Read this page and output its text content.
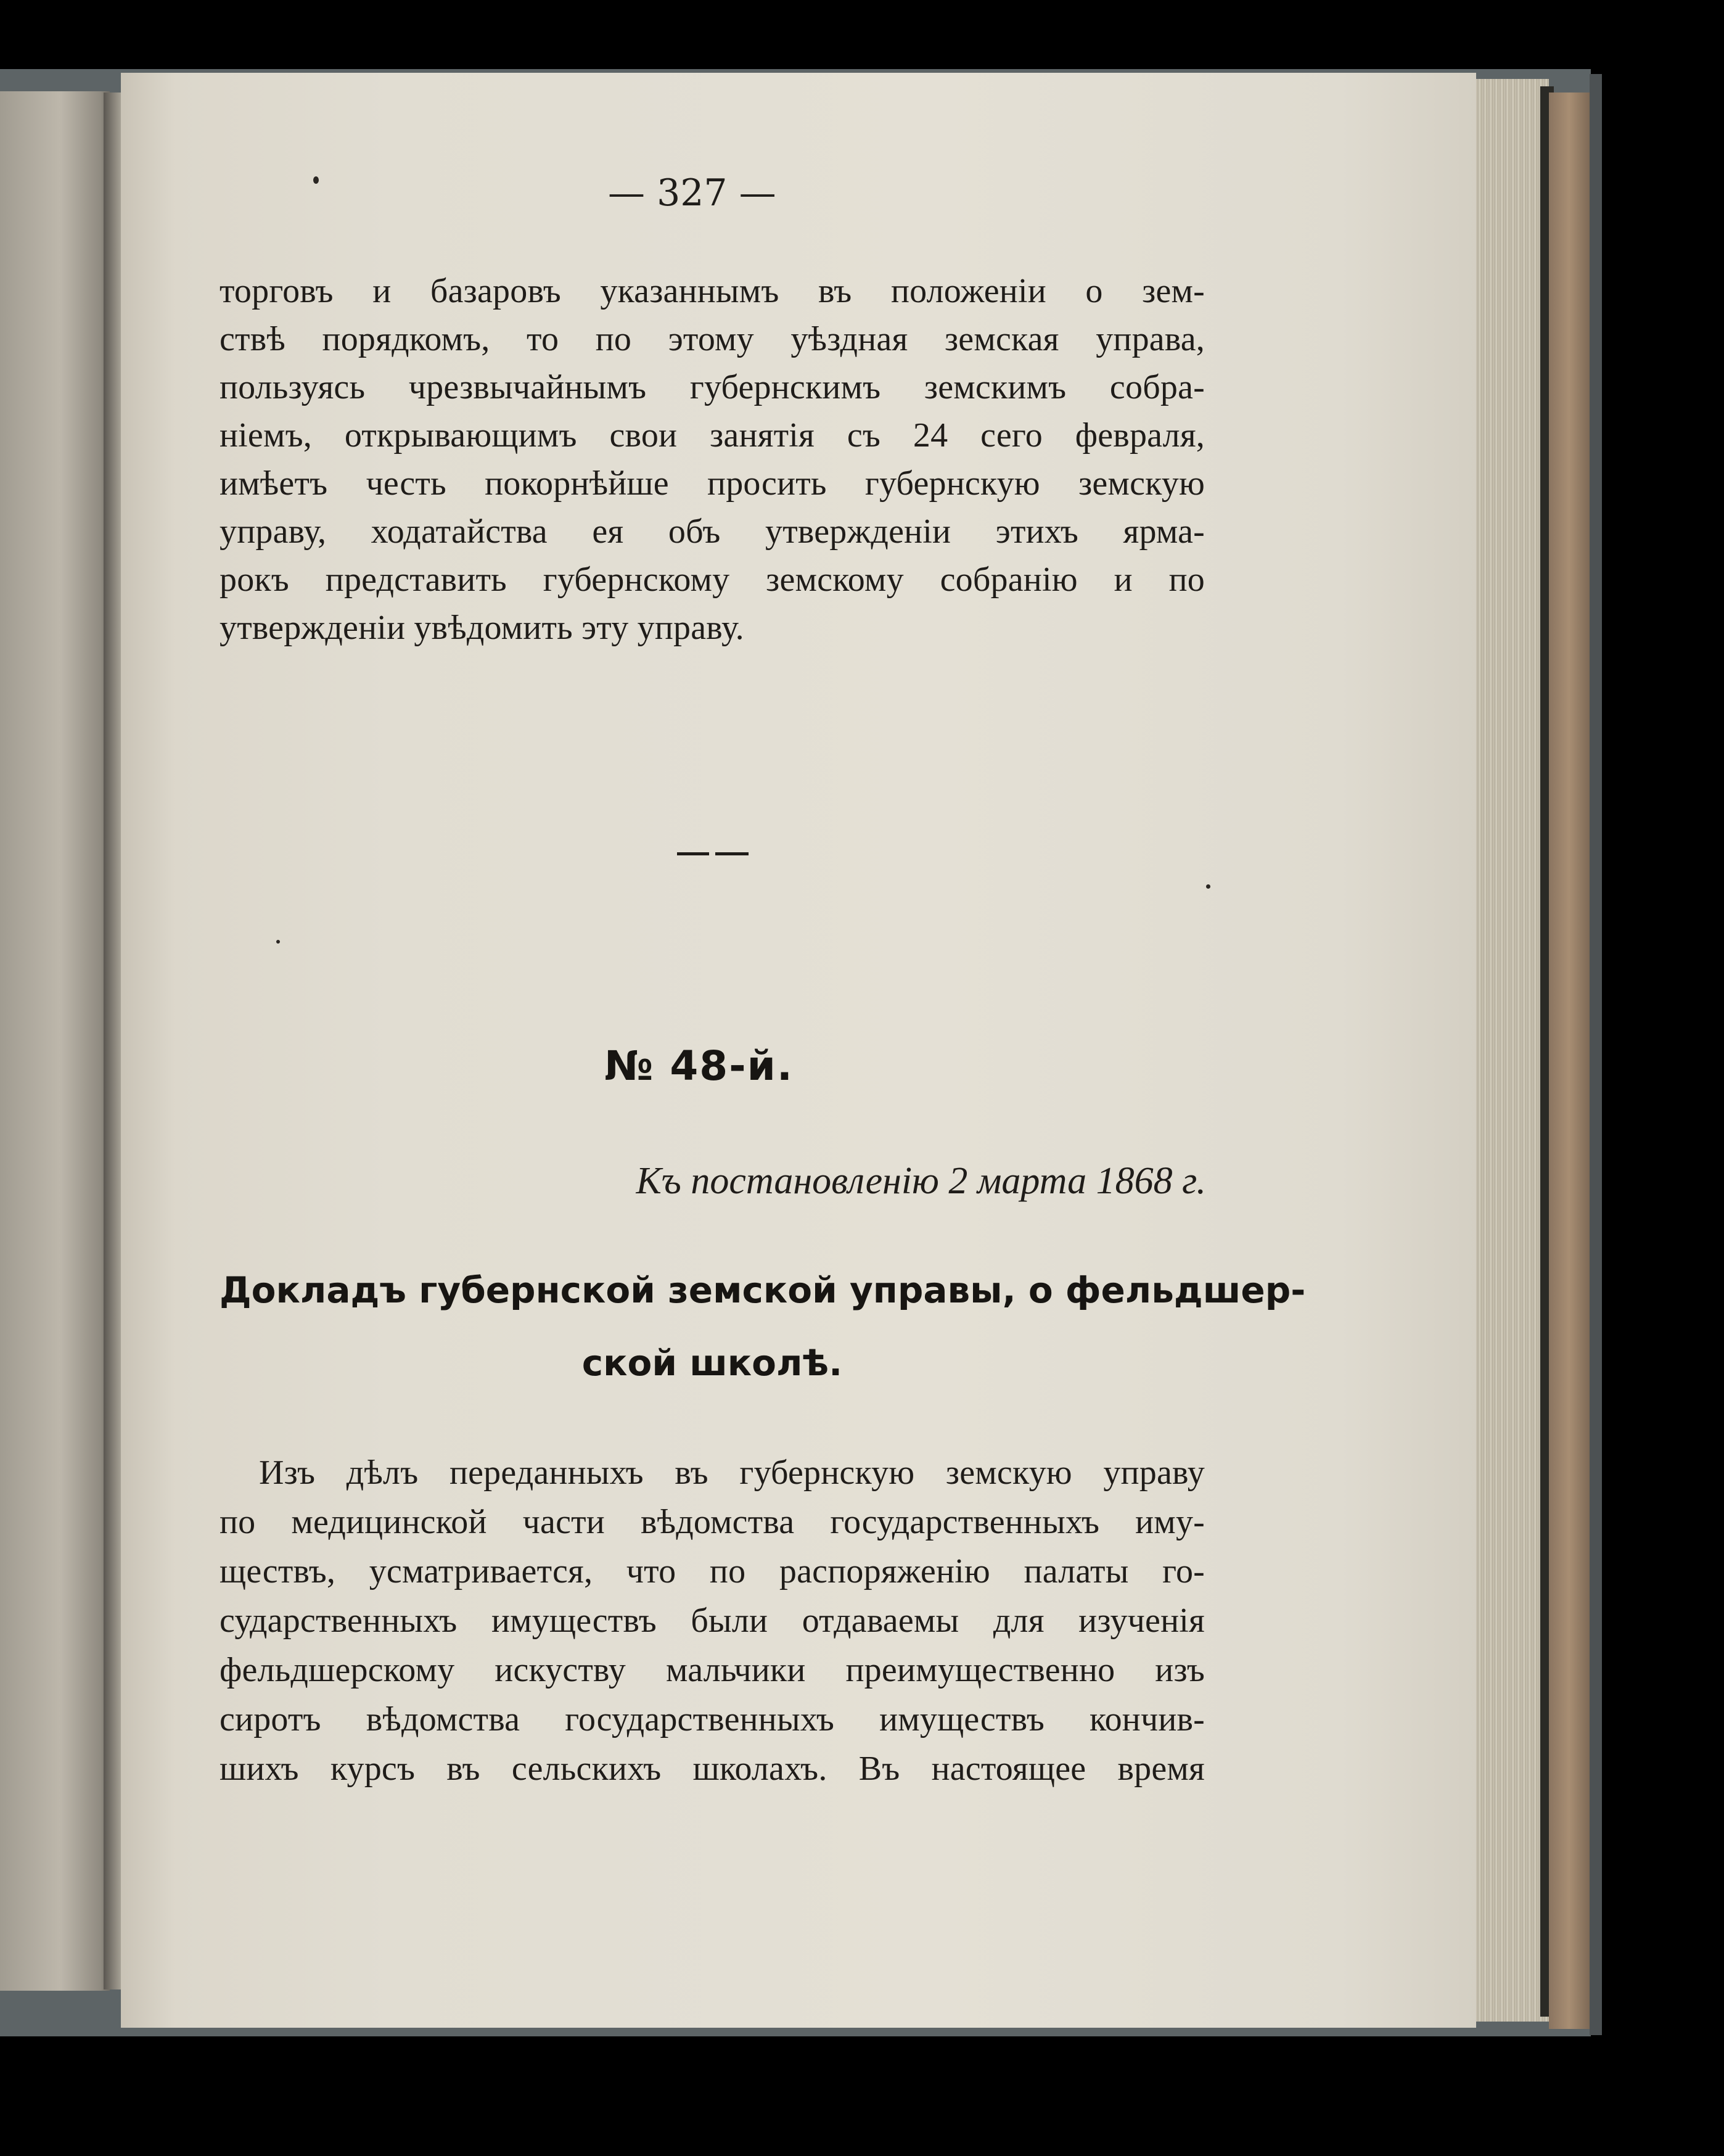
— 327 —
торговъ и базаровъ указаннымъ въ положенiи о зем-
ствѣ порядкомъ, то по этому уѣздная земская управа,
пользуясь чрезвычайнымъ губернскимъ земскимъ собра-
нiемъ, открывающимъ свои занятiя съ 24 сего февраля,
имѣетъ честь покорнѣйше просить губернскую земскую
управу, ходатайства ея объ утвержденiи этихъ ярма-
рокъ представить губернскому земскому собранiю и по
утвержденiи увѣдомить эту управу.
№ 48-й.
Къ постановленiю 2 марта 1868 г.
Докладъ губернской земской управы, о фельдшер-
ской школѣ.
Изъ дѣлъ переданныхъ въ губернскую земскую управу
по медицинской части вѣдомства государственныхъ иму-
ществъ, усматривается, что по распоряженiю палаты го-
сударственныхъ имуществъ были отдаваемы для изученiя
фельдшерскому искуству мальчики преимущественно изъ
сиротъ вѣдомства государственныхъ имуществъ кончив-
шихъ курсъ въ сельскихъ школахъ. Въ настоящее время
